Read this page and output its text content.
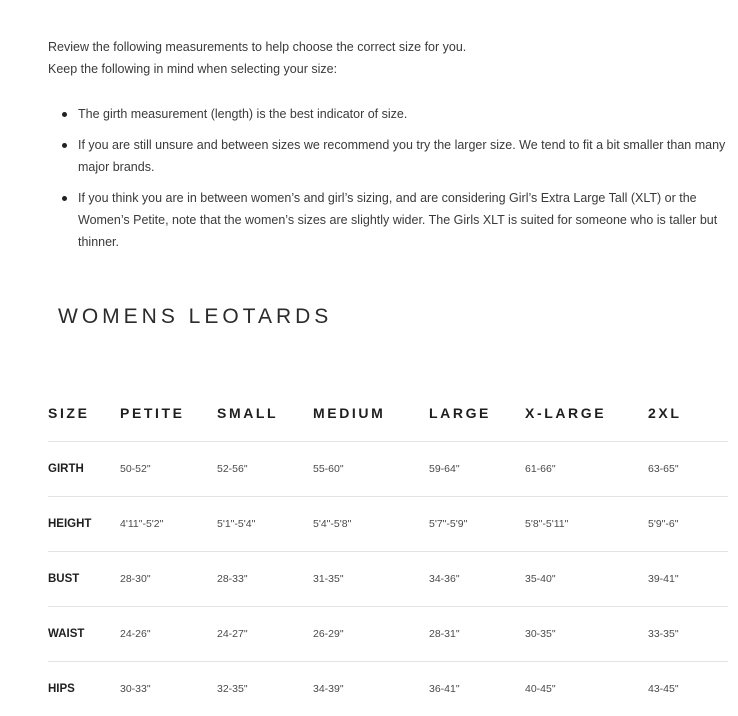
Review the following measurements to help choose the correct size for you.

Keep the following in mind when selecting your size:

The girth measurement (length) is the best indicator of size.
If you are still unsure and between sizes we recommend you try the larger size. We tend to fit a bit smaller than many major brands.
If you think you are in between women’s and girl’s sizing, and are considering Girl’s Extra Large Tall (XLT) or the Women’s Petite, note that the women’s sizes are slightly wider. The Girls XLT is suited for someone who is taller but thinner.
WOMENS LEOTARDS
SIZE	PETITE	SMALL	MEDIUM	LARGE	X-LARGE	2XL
GIRTH	50-52"	52-56"	55-60"	59-64"	61-66"	63-65"
HEIGHT	4'11"-5'2"	5'1"-5'4"	5'4"-5'8"	5'7"-5'9"	5'8"-5'11"	5'9"-6"
BUST	28-30"	28-33"	31-35"	34-36"	35-40"	39-41"
WAIST	24-26"	24-27"	26-29"	28-31"	30-35"	33-35"
HIPS	30-33"	32-35"	34-39"	36-41"	40-45"	43-45"
